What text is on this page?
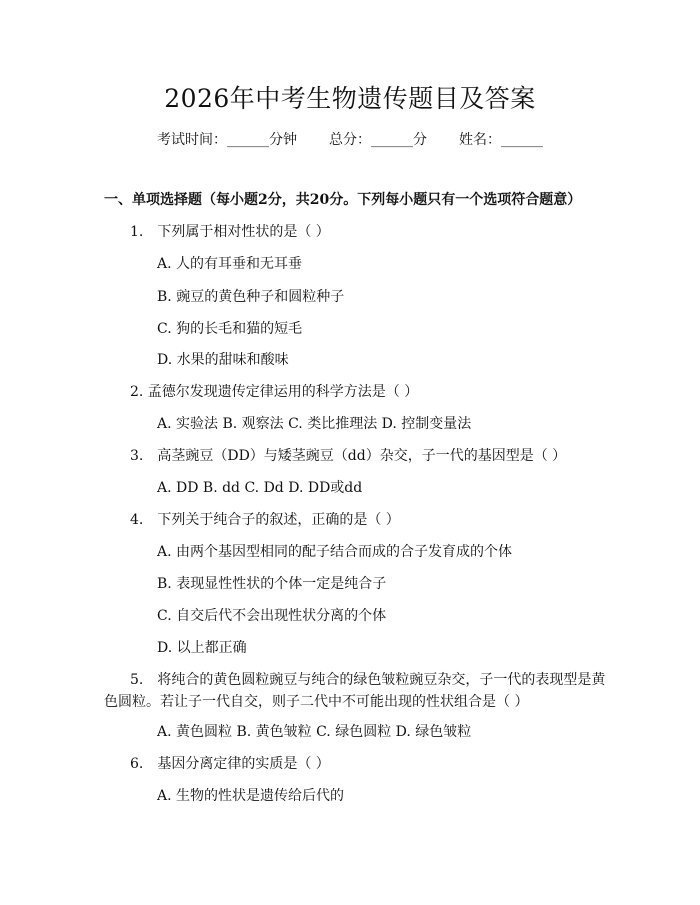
2026年中考生物遗传题目及答案
考试时间：______分钟 总分：______分 姓名：______
一、单项选择题（每小题2分，共20分。下列每小题只有一个选项符合题意）
1.　下列属于相对性状的是（ ）
A. 人的有耳垂和无耳垂
B. 豌豆的黄色种子和圆粒种子
C. 狗的长毛和猫的短毛
D. 水果的甜味和酸味
2. 孟德尔发现遗传定律运用的科学方法是（ ）
A. 实验法 B. 观察法 C. 类比推理法 D. 控制变量法
3.　高茎豌豆（DD）与矮茎豌豆（dd）杂交，子一代的基因型是（ ）
A. DD B. dd C. Dd D. DD或dd
4.　下列关于纯合子的叙述，正确的是（ ）
A. 由两个基因型相同的配子结合而成的合子发育成的个体
B. 表现显性性状的个体一定是纯合子
C. 自交后代不会出现性状分离的个体
D. 以上都正确
5.　将纯合的黄色圆粒豌豆与纯合的绿色皱粒豌豆杂交，子一代的表现型是黄
色圆粒。若让子一代自交，则子二代中不可能出现的性状组合是（ ）
A. 黄色圆粒 B. 黄色皱粒 C. 绿色圆粒 D. 绿色皱粒
6.　基因分离定律的实质是（ ）
A. 生物的性状是遗传给后代的
